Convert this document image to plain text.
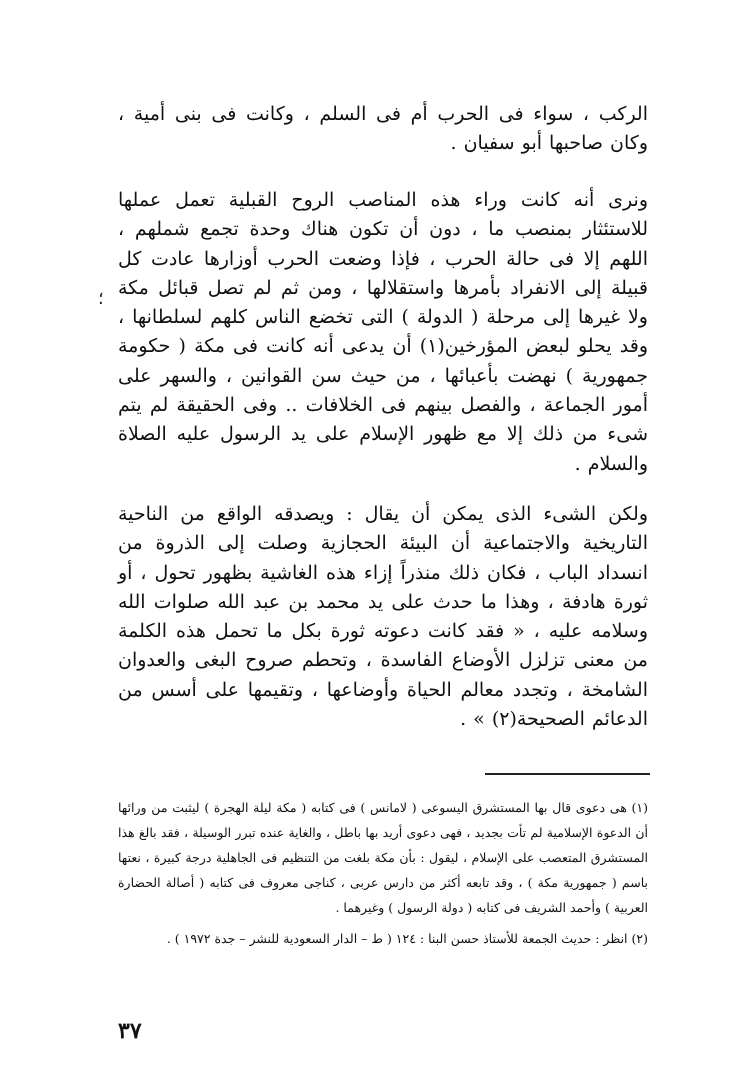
الركب ، سواء فى الحرب أم فى السلم ، وكانت فى بنى أمية ، وكان صاحبها أبو سفيان .

ونرى أنه كانت وراء هذه المناصب الروح القبلية تعمل عملها للاستئثار بمنصب ما ، دون أن تكون هناك وحدة تجمع شملهم ، اللهم إلا فى حالة الحرب ، فإذا وضعت الحرب أوزارها عادت كل قبيلة إلى الانفراد بأمرها واستقلالها ، ومن ثم لم تصل قبائل مكة ولا غيرها إلى مرحلة ( الدولة ) التى تخضع الناس كلهم لسلطانها ، وقد يحلو لبعض المؤرخين(١) أن يدعى أنه كانت فى مكة ( حكومة جمهورية ) نهضت بأعبائها ، من حيث سن القوانين ، والسهر على أمور الجماعة ، والفصل بينهم فى الخلافات .. وفى الحقيقة لم يتم شىء من ذلك إلا مع ظهور الإسلام على يد الرسول عليه الصلاة والسلام .

؛

ولكن الشىء الذى يمكن أن يقال : ويصدقه الواقع من الناحية التاريخية والاجتماعية أن البيئة الحجازية وصلت إلى الذروة من انسداد الباب ، فكان ذلك منذراً إزاء هذه الغاشية بظهور تحول ، أو ثورة هادفة ، وهذا ما حدث على يد محمد بن عبد الله صلوات الله وسلامه عليه ، « فقد كانت دعوته ثورة بكل ما تحمل هذه الكلمة من معنى تزلزل الأوضاع الفاسدة ، وتحطم صروح البغى والعدوان الشامخة ، وتجدد معالم الحياة وأوضاعها ، وتقيمها على أسس من الدعائم الصحيحة(٢) » .

(١) هى دعوى قال بها المستشرق اليسوعى ( لامانس ) فى كتابه ( مكة ليلة الهجرة ) ليثبت من ورائها أن الدعوة الإسلامية لم تأت بجديد ، فهى دعوى أريد بها باطل ، والغاية عنده تبرر الوسيلة ، فقد بالغ هذا المستشرق المتعصب على الإسلام ، ليقول : بأن مكة بلغت من التنظيم فى الجاهلية درجة كبيرة ، نعتها باسم ( جمهورية مكة ) ، وقد تابعه أكثر من دارس عربى ، كناجى معروف فى كتابه ( أصالة الحضارة العربية ) وأحمد الشريف فى كتابه ( دولة الرسول ) وغيرهما .

(٢) انظر : حديث الجمعة للأستاذ حسن البنا : ١٢٤ ( ط – الدار السعودية للنشر – جدة ١٩٧٢ ) .

٣٧
